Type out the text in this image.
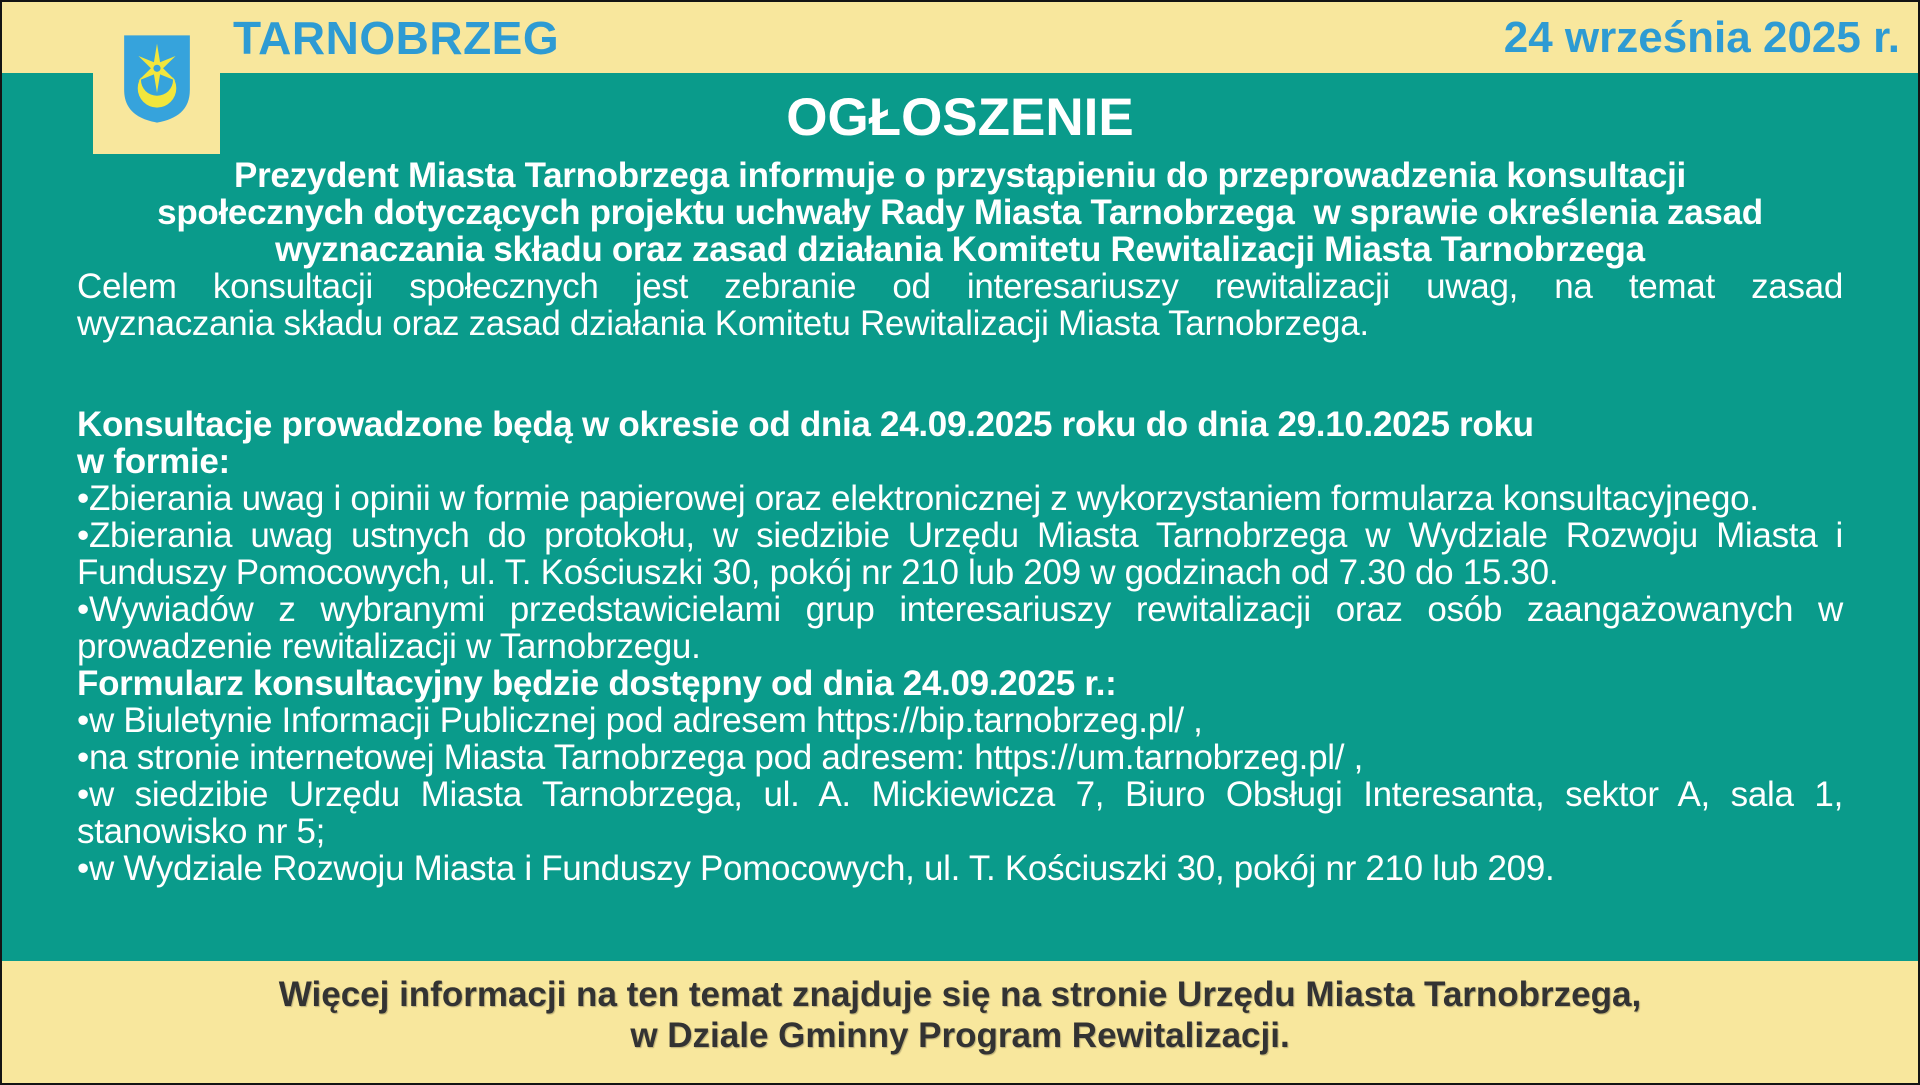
TARNOBRZEG	24 września 2025 r.
OGŁOSZENIE
Prezydent Miasta Tarnobrzega informuje o przystąpieniu do przeprowadzenia konsultacji
społecznych dotyczących projektu uchwały Rady Miasta Tarnobrzega  w sprawie określenia zasad
wyznaczania składu oraz zasad działania Komitetu Rewitalizacji Miasta Tarnobrzega
Celem konsultacji społecznych jest zebranie od interesariuszy rewitalizacji uwag, na temat zasad
wyznaczania składu oraz zasad działania Komitetu Rewitalizacji Miasta Tarnobrzega.
Konsultacje prowadzone będą w okresie od dnia 24.09.2025 roku do dnia 29.10.2025 roku
w formie:
• Zbierania uwag i opinii w formie papierowej oraz elektronicznej z wykorzystaniem formularza konsultacyjnego.
• Zbierania uwag ustnych do protokołu, w siedzibie Urzędu Miasta Tarnobrzega w Wydziale Rozwoju Miasta i Funduszy Pomocowych, ul. T. Kościuszki 30, pokój nr 210 lub 209 w godzinach od 7.30 do 15.30.
• Wywiadów z wybranymi przedstawicielami grup interesariuszy rewitalizacji oraz osób zaangażowanych w prowadzenie rewitalizacji w Tarnobrzegu.
Formularz konsultacyjny będzie dostępny od dnia 24.09.2025 r.:
• w Biuletynie Informacji Publicznej pod adresem https://bip.tarnobrzeg.pl/ ,
• na stronie internetowej Miasta Tarnobrzega pod adresem: https://um.tarnobrzeg.pl/ ,
• w siedzibie Urzędu Miasta Tarnobrzega, ul. A. Mickiewicza 7, Biuro Obsługi Interesanta, sektor A, sala 1, stanowisko nr 5;
• w Wydziale Rozwoju Miasta i Funduszy Pomocowych, ul. T. Kościuszki 30, pokój nr 210 lub 209.
Więcej informacji na ten temat znajduje się na stronie Urzędu Miasta Tarnobrzega,
w Dziale Gminny Program Rewitalizacji.
